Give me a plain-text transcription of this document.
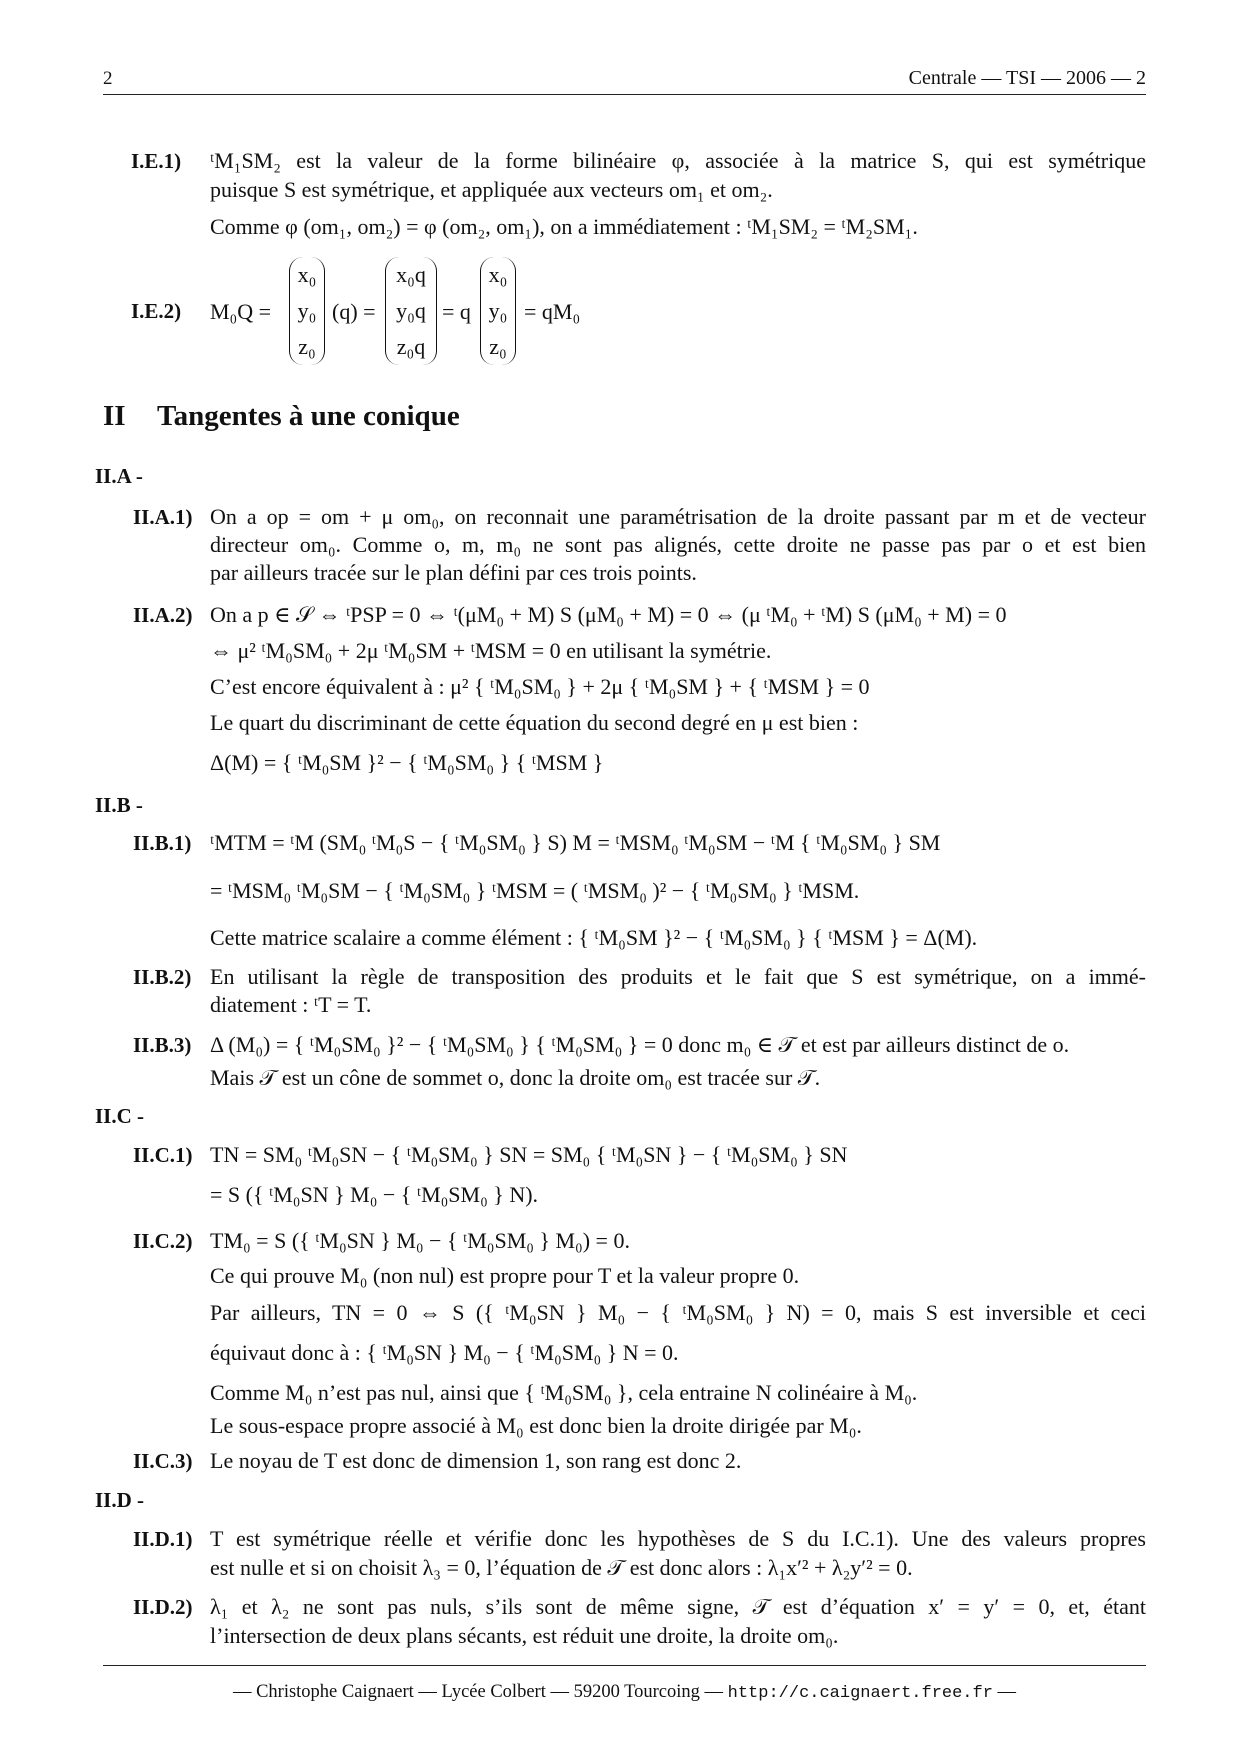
2	Centrale — TSI — 2006 — 2
I.E.1) ᵗM₁SM₂ est la valeur de la forme bilinéaire φ, associée à la matrice S, qui est symétrique
puisque S est symétrique, et appliquée aux vecteurs om₁ et om₂.
Comme φ (om₁, om₂) = φ (om₂, om₁), on a immédiatement : ᵗM₁SM₂ = ᵗM₂SM₁.
I.E.2) M₀Q =
x₀
y₀
z₀
(q) =
x₀q
y₀q
z₀q
= q
x₀
y₀
z₀
= qM₀
II Tangentes à une conique
II.A -
II.A.1) On a op = om + μ om₀, on reconnait une paramétrisation de la droite passant par m et de vecteur
directeur om₀. Comme o, m, m₀ ne sont pas alignés, cette droite ne passe pas par o et est bien
par ailleurs tracée sur le plan défini par ces trois points.
II.A.2) On a p ∈ 𝒮 ⇔ ᵗPSP = 0 ⇔ ᵗ(μM₀ + M) S (μM₀ + M) = 0 ⇔ (μ ᵗM₀ + ᵗM) S (μM₀ + M) = 0
⇔ μ² ᵗM₀SM₀ + 2μ ᵗM₀SM + ᵗMSM = 0 en utilisant la symétrie.
C’est encore équivalent à : μ² { ᵗM₀SM₀ } + 2μ { ᵗM₀SM } + { ᵗMSM } = 0
Le quart du discriminant de cette équation du second degré en μ est bien :
Δ(M) = { ᵗM₀SM }² − { ᵗM₀SM₀ } { ᵗMSM }
II.B -
II.B.1) ᵗMTM = ᵗM (SM₀ ᵗM₀S − { ᵗM₀SM₀ } S) M = ᵗMSM₀ ᵗM₀SM − ᵗM { ᵗM₀SM₀ } SM
= ᵗMSM₀ ᵗM₀SM − { ᵗM₀SM₀ } ᵗMSM = ( ᵗMSM₀ )² − { ᵗM₀SM₀ } ᵗMSM.
Cette matrice scalaire a comme élément : { ᵗM₀SM }² − { ᵗM₀SM₀ } { ᵗMSM } = Δ(M).
II.B.2) En utilisant la règle de transposition des produits et le fait que S est symétrique, on a immé-
diatement : ᵗT = T.
II.B.3) Δ (M₀) = { ᵗM₀SM₀ }² − { ᵗM₀SM₀ } { ᵗM₀SM₀ } = 0 donc m₀ ∈ 𝒯 et est par ailleurs distinct de o.
Mais 𝒯 est un cône de sommet o, donc la droite om₀ est tracée sur 𝒯.
II.C -
II.C.1) TN = SM₀ ᵗM₀SN − { ᵗM₀SM₀ } SN = SM₀ { ᵗM₀SN } − { ᵗM₀SM₀ } SN
= S ({ ᵗM₀SN } M₀ − { ᵗM₀SM₀ } N).
II.C.2) TM₀ = S ({ ᵗM₀SN } M₀ − { ᵗM₀SM₀ } M₀) = 0.
Ce qui prouve M₀ (non nul) est propre pour T et la valeur propre 0.
Par ailleurs, TN = 0 ⇔ S ({ ᵗM₀SN } M₀ − { ᵗM₀SM₀ } N) = 0, mais S est inversible et ceci
équivaut donc à : { ᵗM₀SN } M₀ − { ᵗM₀SM₀ } N = 0.
Comme M₀ n’est pas nul, ainsi que { ᵗM₀SM₀ }, cela entraine N colinéaire à M₀.
Le sous-espace propre associé à M₀ est donc bien la droite dirigée par M₀.
II.C.3) Le noyau de T est donc de dimension 1, son rang est donc 2.
II.D -
II.D.1) T est symétrique réelle et vérifie donc les hypothèses de S du I.C.1). Une des valeurs propres
est nulle et si on choisit λ₃ = 0, l’équation de 𝒯 est donc alors : λ₁x′² + λ₂y′² = 0.
II.D.2) λ₁ et λ₂ ne sont pas nuls, s’ils sont de même signe, 𝒯 est d’équation x′ = y′ = 0, et, étant
l’intersection de deux plans sécants, est réduit une droite, la droite om₀.
— Christophe Caignaert — Lycée Colbert — 59200 Tourcoing — http://c.caignaert.free.fr —
